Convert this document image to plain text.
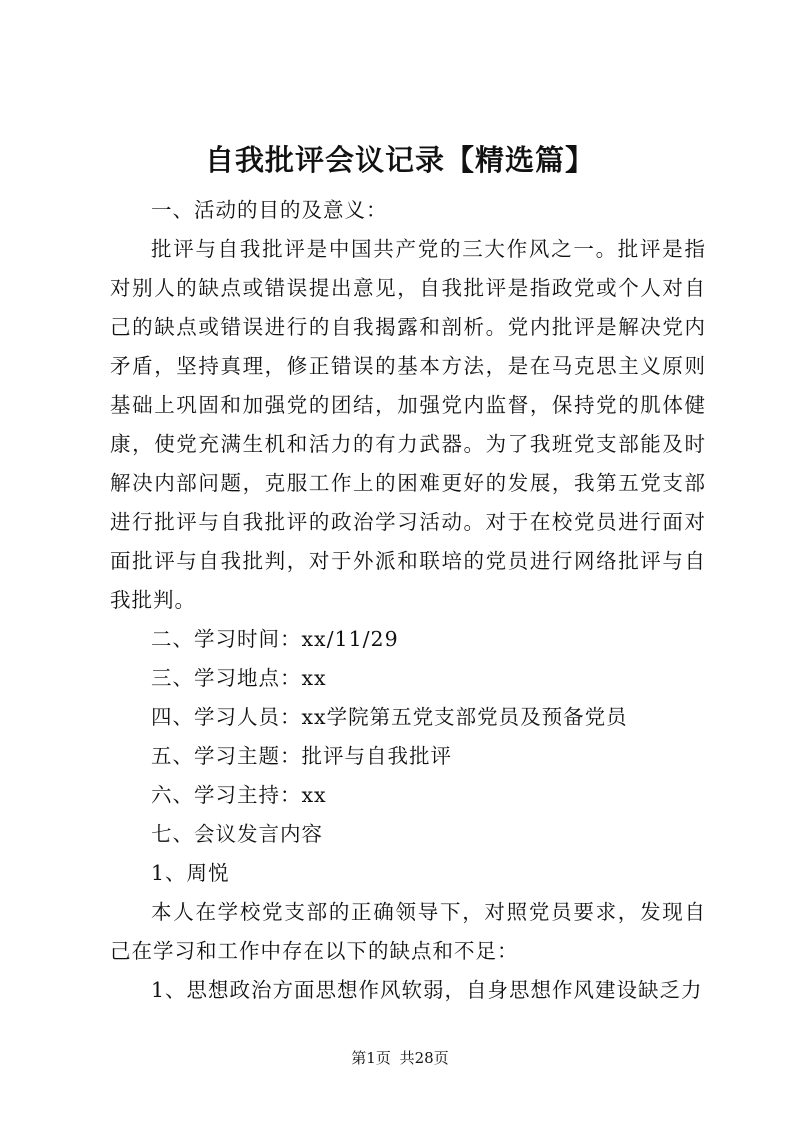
自我批评会议记录【精选篇】

一、活动的目的及意义：

批评与自我批评是中国共产党的三大作风之一。批评是指对别人的缺点或错误提出意见，自我批评是指政党或个人对自己的缺点或错误进行的自我揭露和剖析。党内批评是解决党内矛盾，坚持真理，修正错误的基本方法，是在马克思主义原则基础上巩固和加强党的团结，加强党内监督，保持党的肌体健康，使党充满生机和活力的有力武器。为了我班党支部能及时解决内部问题，克服工作上的困难更好的发展，我第五党支部进行批评与自我批评的政治学习活动。对于在校党员进行面对面批评与自我批判，对于外派和联培的党员进行网络批评与自我批判。

二、学习时间：xx/11/29

三、学习地点：xx

四、学习人员：xx学院第五党支部党员及预备党员

五、学习主题：批评与自我批评

六、学习主持：xx

七、会议发言内容

1、周悦

本人在学校党支部的正确领导下，对照党员要求，发现自己在学习和工作中存在以下的缺点和不足：

1、思想政治方面思想作风软弱，自身思想作风建设缺乏力

第1页 共28页
